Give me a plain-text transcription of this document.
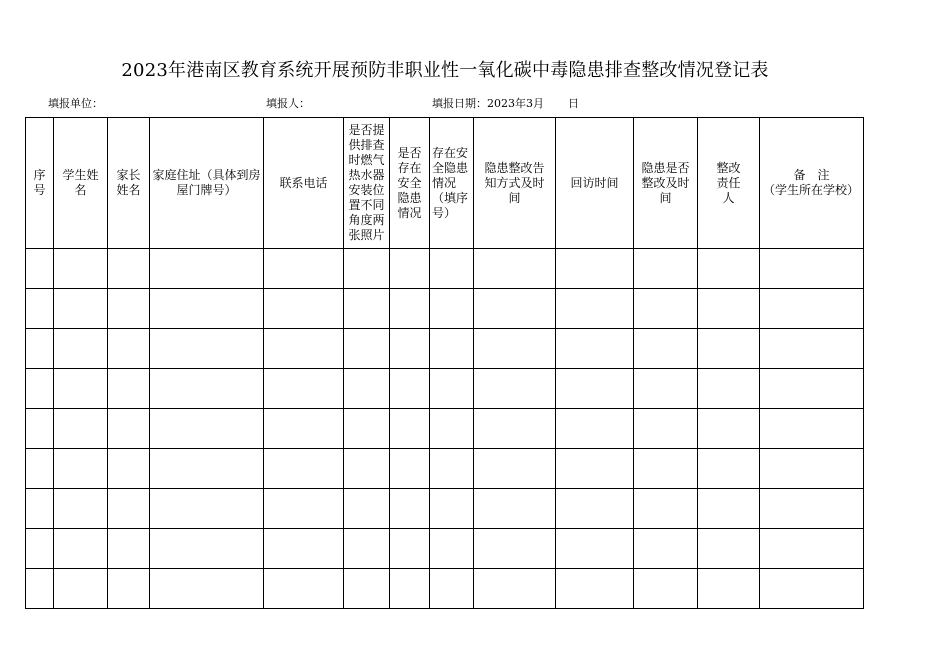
2023年港南区教育系统开展预防非职业性一氧化碳中毒隐患排查整改情况登记表
填报单位：	填报人：	填报日期：2023年3月 日
序号	学生姓名	家长姓名	家庭住址（具体到房屋门牌号）	联系电话	是否提供排查时燃气热水器安装位置不同角度两张照片	是否存在安全隐患情况	存在安全隐患情况（填序号）	隐患整改告知方式及时间	回访时间	隐患是否整改及时间	整改责任人	备　注
（学生所在学校）
